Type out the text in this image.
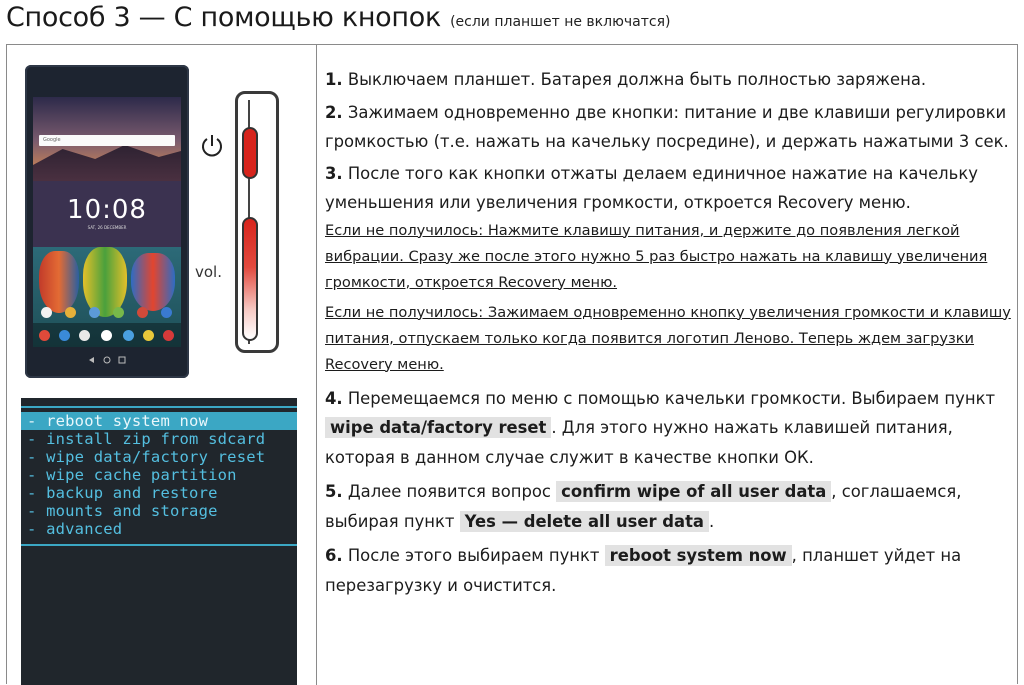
Способ 3 — С помощью кнопок (если планшет не включатся)
Google
10:08
SAT, 26 DECEMBER
vol.
- reboot system now
- install zip from sdcard
- wipe data/factory reset
- wipe cache partition
- backup and restore
- mounts and storage
- advanced

1. Выключаем планшет. Батарея должна быть полностью заряжена.

2. Зажимаем одновременно две кнопки: питание и две клавиши регулировки громкостью (т.е. нажать на качельку посредине), и держать нажатыми 3 сек.

3. После того как кнопки отжаты делаем единичное нажатие на качельку уменьшения или увеличения громкости, откроется Recovery меню.

Если не получилось: Нажмите клавишу питания, и держите до появления легкой вибрации. Сразу же после этого нужно 5 раз быстро нажать на клавишу увеличения громкости, откроется Recovery меню.

Если не получилось: Зажимаем одновременно кнопку увеличения громкости и клавишу питания, отпускаем только когда появится логотип Леново. Теперь ждем загрузки Recovery меню.

4. Перемещаемся по меню с помощью качельки громкости. Выбираем пункт wipe data/factory reset . Для этого нужно нажать клавишей питания, которая в данном случае служит в качестве кнопки ОК.

5. Далее появится вопрос confirm wipe of all user data , соглашаемся, выбирая пункт Yes — delete all user data .

6. После этого выбираем пункт reboot system now , планшет уйдет на перезагрузку и очистится.
